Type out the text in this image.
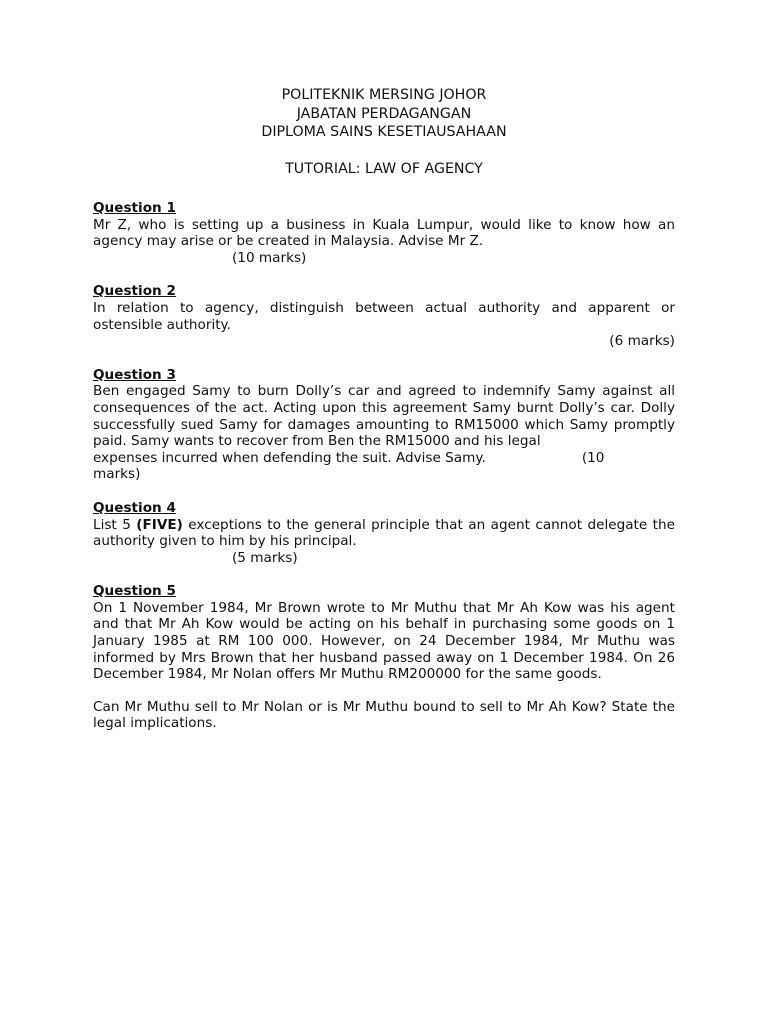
POLITEKNIK MERSING JOHOR
JABATAN PERDAGANGAN
DIPLOMA SAINS KESETIAUSAHAAN
TUTORIAL: LAW OF AGENCY
Question 1
Mr Z, who is setting up a business in Kuala Lumpur, would like to know how an agency may arise or be created in Malaysia. Advise Mr Z.
(10 marks)
Question 2
In relation to agency, distinguish between actual authority and apparent or ostensible authority.
(6 marks)
Question 3
Ben engaged Samy to burn Dolly’s car and agreed to indemnify Samy against all consequences of the act. Acting upon this agreement Samy burnt Dolly’s car. Dolly successfully sued Samy for damages amounting to RM15000 which Samy promptly paid. Samy wants to recover from Ben the RM15000 and his legal
expenses incurred when defending the suit. Advise Samy.	(10
marks)
Question 4
List 5 (FIVE) exceptions to the general principle that an agent cannot delegate the authority given to him by his principal.
(5 marks)
Question 5
On 1 November 1984, Mr Brown wrote to Mr Muthu that Mr Ah Kow was his agent and that Mr Ah Kow would be acting on his behalf in purchasing some goods on 1 January 1985 at RM 100 000. However, on 24 December 1984, Mr Muthu was informed by Mrs Brown that her husband passed away on 1 December 1984. On 26 December 1984, Mr Nolan offers Mr Muthu RM200000 for the same goods.
Can Mr Muthu sell to Mr Nolan or is Mr Muthu bound to sell to Mr Ah Kow? State the legal implications.
